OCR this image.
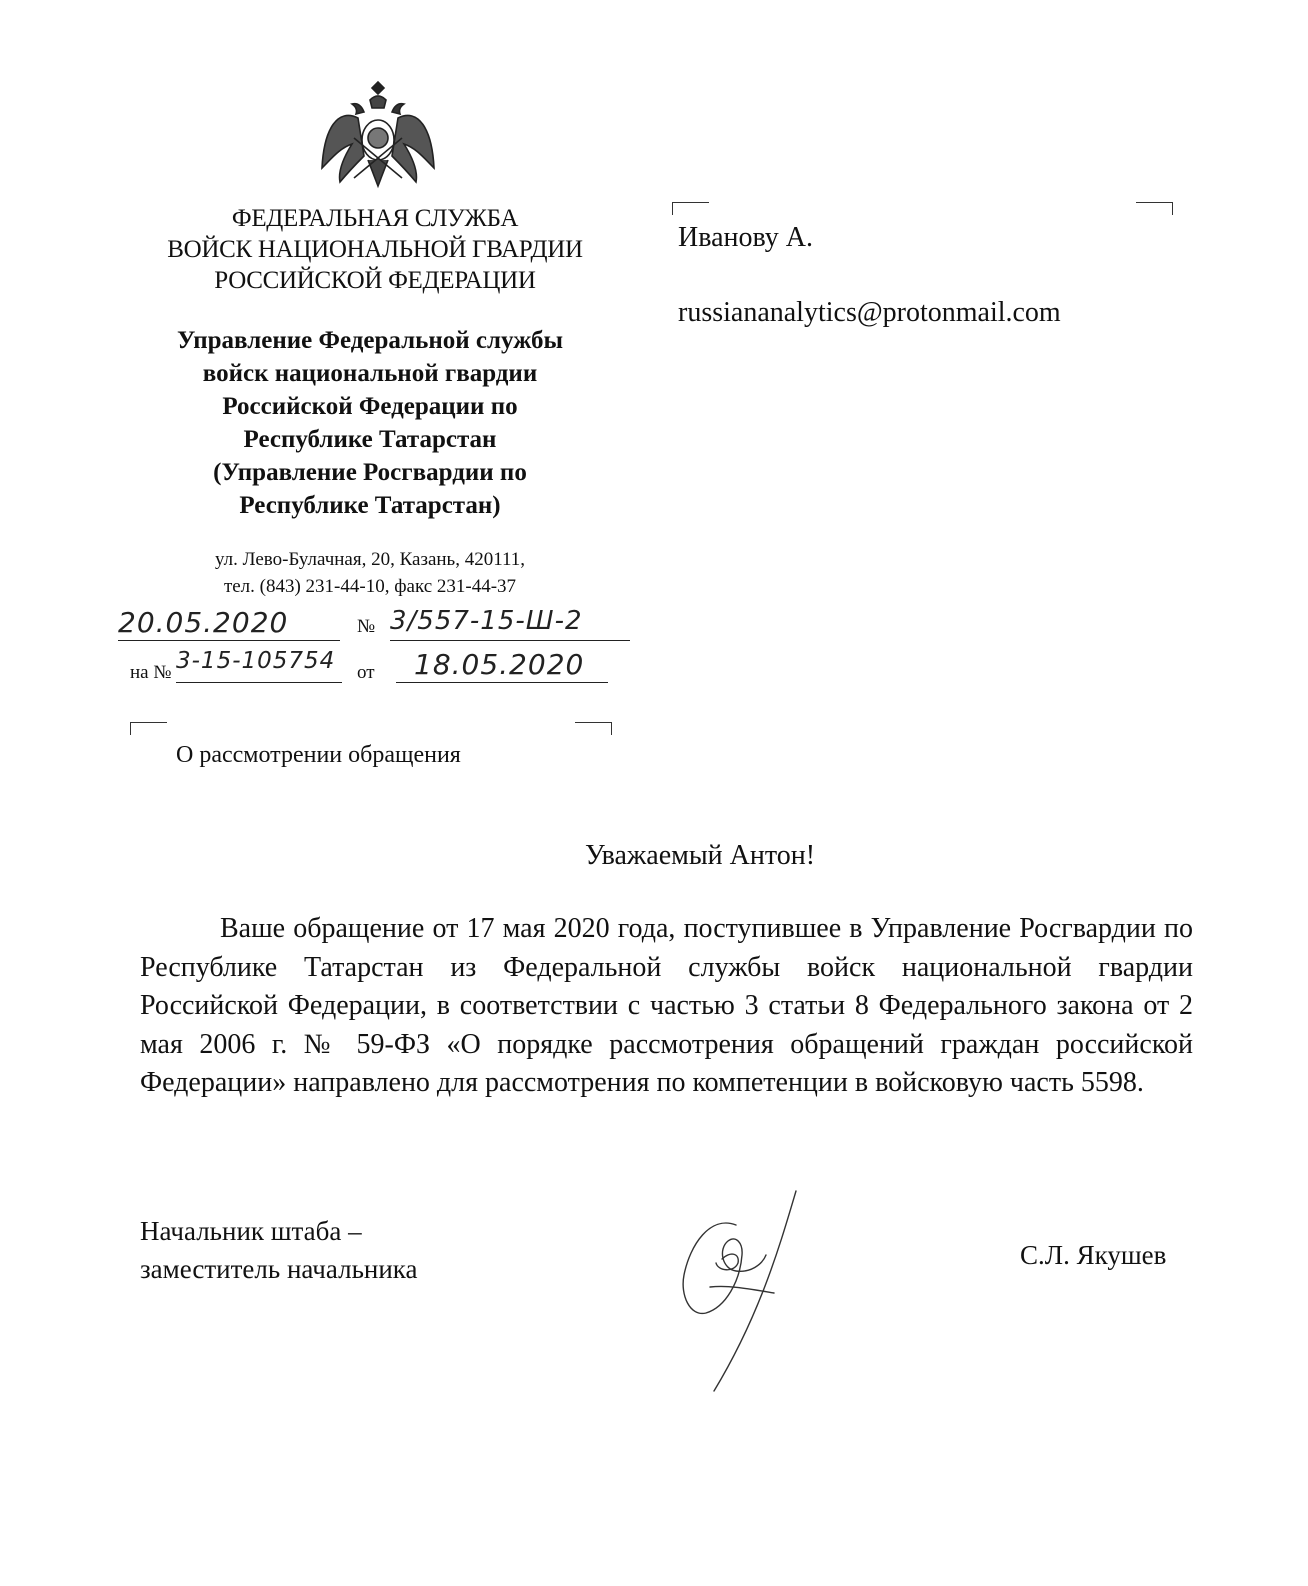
ФЕДЕРАЛЬНАЯ СЛУЖБА
ВОЙСК НАЦИОНАЛЬНОЙ ГВАРДИИ
РОССИЙСКОЙ ФЕДЕРАЦИИ
Управление Федеральной службы
войск национальной гвардии
Российской Федерации по
Республике Татарстан
(Управление Росгвардии по
Республике Татарстан)
ул. Лево-Булачная, 20, Казань, 420111,
тел. (843) 231-44-10, факс 231-44-37
20.05.2020	№ 3/557-15-Ш-2
на № 3-15-105754	от	18.05.2020
Иванову А.
russiananalytics@protonmail.com
О рассмотрении обращения
Уважаемый Антон!
Ваше обращение от 17 мая 2020 года, поступившее в Управление Росгвардии по Республике Татарстан из Федеральной службы войск национальной гвардии Российской Федерации, в соответствии с частью 3 статьи 8 Федерального закона от 2 мая 2006 г. № 59-ФЗ «О порядке рассмотрения обращений граждан российской Федерации» направлено для рассмотрения по компетенции в войсковую часть 5598.
Начальник штаба –
заместитель начальника	С.Л. Якушев
